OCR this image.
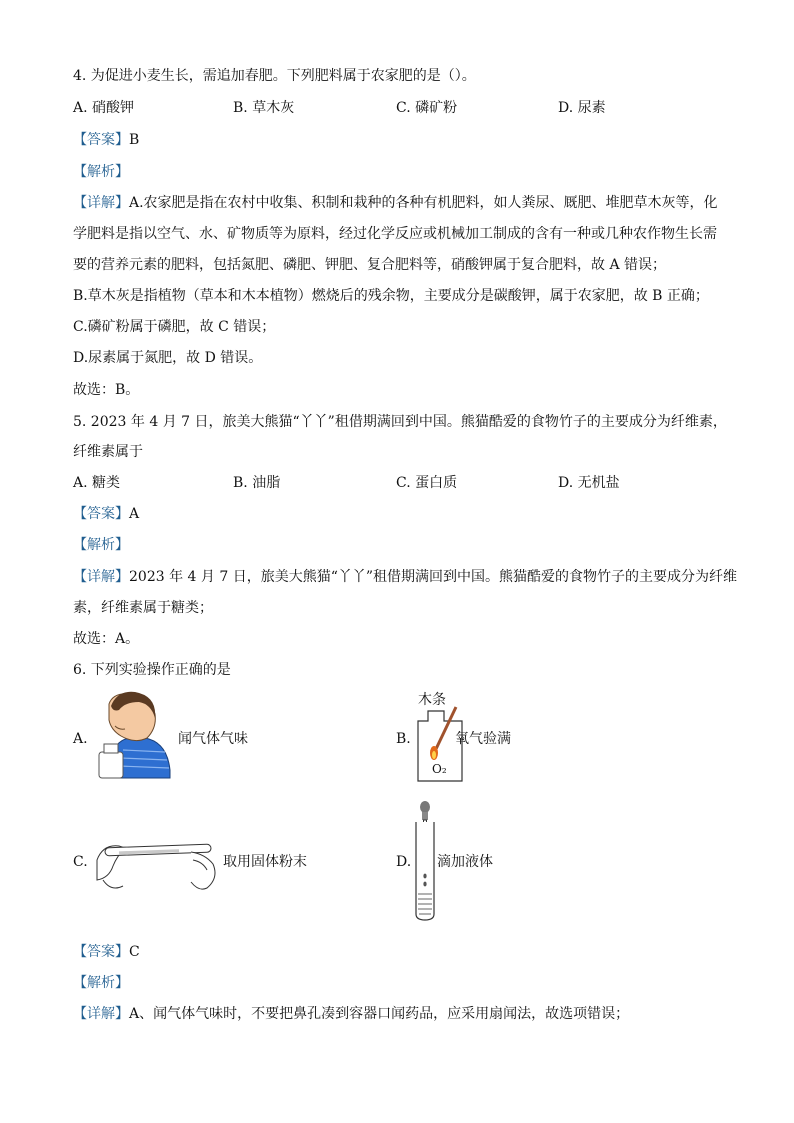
4. 为促进小麦生长，需追加春肥。下列肥料属于农家肥的是（）。
A. 硝酸钾	B. 草木灰	C. 磷矿粉	D. 尿素
【答案】B
【解析】
【详解】A.农家肥是指在农村中收集、积制和栽种的各种有机肥料，如人粪尿、厩肥、堆肥草木灰等，化
学肥料是指以空气、水、矿物质等为原料，经过化学反应或机械加工制成的含有一种或几种农作物生长需
要的营养元素的肥料，包括氮肥、磷肥、钾肥、复合肥料等，硝酸钾属于复合肥料，故 A 错误；
B.草木灰是指植物（草本和木本植物）燃烧后的残余物，主要成分是碳酸钾，属于农家肥，故 B 正确；
C.磷矿粉属于磷肥，故 C 错误；
D.尿素属于氮肥，故 D 错误。
故选：B。
5. 2023 年 4 月 7 日，旅美大熊猫“丫丫”租借期满回到中国。熊猫酷爱的食物竹子的主要成分为纤维素，
纤维素属于
A. 糖类	B. 油脂	C. 蛋白质	D. 无机盐
【答案】A
【解析】
【详解】2023 年 4 月 7 日，旅美大熊猫“丫丫”租借期满回到中国。熊猫酷爱的食物竹子的主要成分为纤维
素，纤维素属于糖类；
故选：A。
6. 下列实验操作正确的是
A.	闻气体气味	B.
木条
O₂
氧气验满
C.	取用固体粉末	D. 滴加液体
【答案】C
【解析】
【详解】A、闻气体气味时，不要把鼻孔凑到容器口闻药品，应采用扇闻法，故选项错误；
